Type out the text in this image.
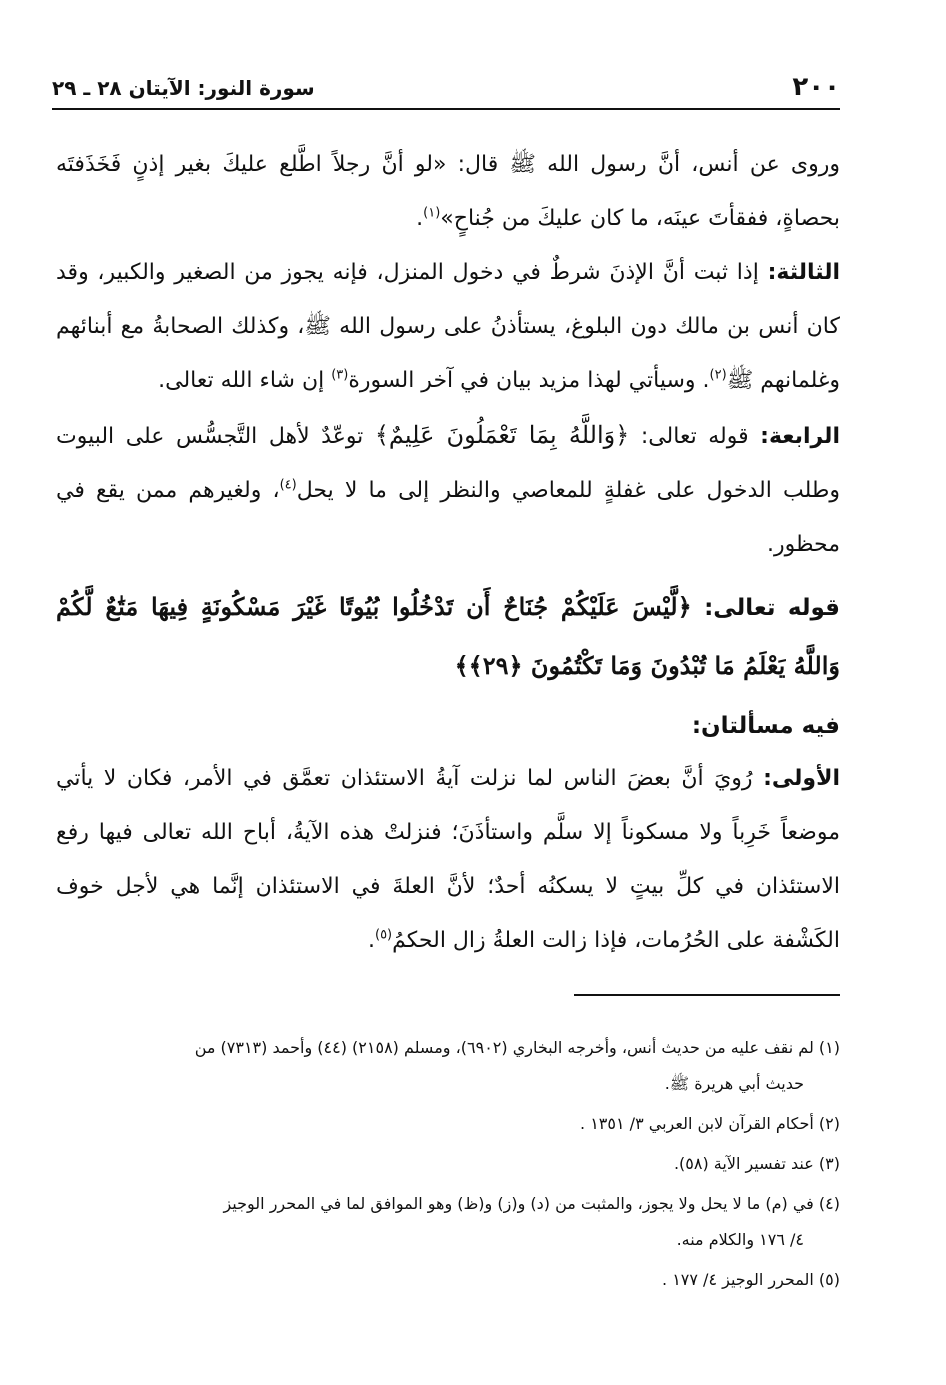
٢٠٠
سورة النور: الآيتان ٢٨ ـ ٢٩

وروى عن أنس، أنَّ رسول الله ﷺ قال: «لو أنَّ رجلاً اطَّلع عليكَ بغير إذنٍ فَخَذَفتَه بحصاةٍ، ففقأتَ عينَه، ما كان عليكَ من جُناحٍ»$^{(١)}$.

الثالثة: إذا ثبت أنَّ الإذنَ شرطٌ في دخول المنزل، فإنه يجوز من الصغير والكبير، وقد كان أنس بن مالك دون البلوغ، يستأذنُ على رسول الله ﷺ، وكذلك الصحابةُ مع أبنائهم وغلمانهم ﷺ$^{(٢)}$. وسيأتي لهذا مزيد بيان في آخر السورة$^{(٣)}$ إن شاء الله تعالى.

الرابعة: قوله تعالى: ﴿وَاللَّهُ بِمَا تَعْمَلُونَ عَلِيمٌ﴾ توعّدٌ لأهل التَّجسُّس على البيوت وطلب الدخول على غفلةٍ للمعاصي والنظر إلى ما لا يحل$^{(٤)}$، ولغيرهم ممن يقع في محظور.

قوله تعالى: ﴿لَّيْسَ عَلَيْكُمْ جُنَاحٌ أَن تَدْخُلُوا بُيُوتًا غَيْرَ مَسْكُونَةٍ فِيهَا مَتَٰعٌ لَّكُمْ وَاللَّهُ يَعْلَمُ مَا تُبْدُونَ وَمَا تَكْتُمُونَ ﴿٢٩﴾﴾

فيه مسألتان:

الأولى: رُويَ أنَّ بعضَ الناس لما نزلت آيةُ الاستئذان تعمَّق في الأمر، فكان لا يأتي موضعاً خَرِباً ولا مسكوناً إلا سلَّم واستأذَنَ؛ فنزلتْ هذه الآيةُ، أباح الله تعالى فيها رفع الاستئذان في كلِّ بيتٍ لا يسكنُه أحدٌ؛ لأنَّ العلةَ في الاستئذان إنَّما هي لأجل خوف الكَشْفة على الحُرُمات، فإذا زالت العلةُ زال الحكمُ$^{(٥)}$.

(١) لم نقف عليه من حديث أنس، وأخرجه البخاري (٦٩٠٢)، ومسلم (٢١٥٨) (٤٤) وأحمد (٧٣١٣) من
حديث أبي هريرة ﷺ.

(٢) أحكام القرآن لابن العربي ٣/ ١٣٥١ .

(٣) عند تفسير الآية (٥٨).

(٤) في (م) ما لا يحل ولا يجوز، والمثبت من (د) و(ز) و(ظ) وهو الموافق لما في المحرر الوجيز
٤/ ١٧٦ والكلام منه.

(٥) المحرر الوجيز ٤/ ١٧٧ .
